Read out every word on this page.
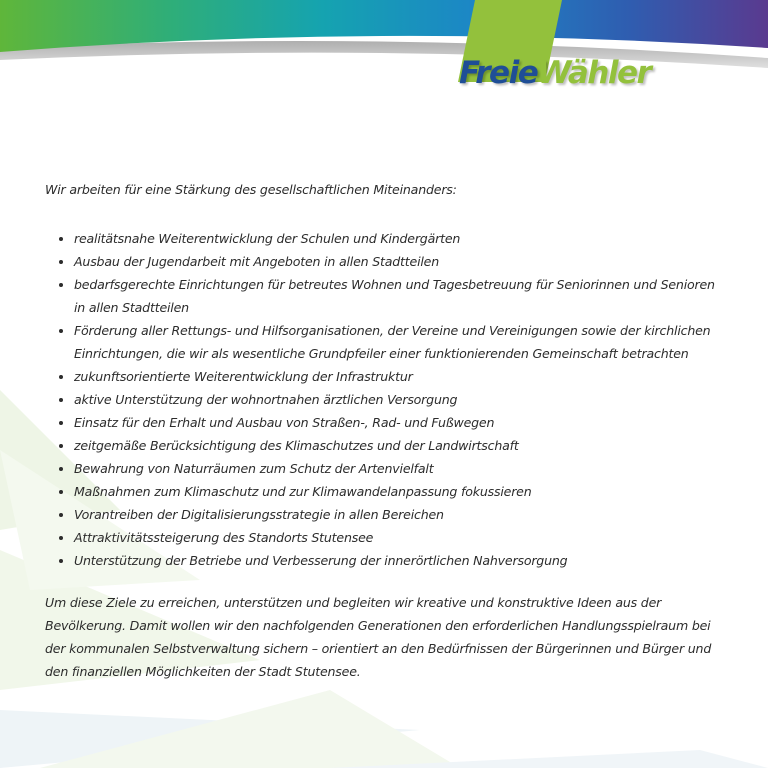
FreieWähler

Wir arbeiten für eine Stärkung des gesellschaftlichen Miteinanders:

realitätsnahe Weiterentwicklung der Schulen und Kindergärten
Ausbau der Jugendarbeit mit Angeboten in allen Stadtteilen
bedarfsgerechte Einrichtungen für betreutes Wohnen und Tagesbetreuung für Seniorinnen und Senioren in allen Stadtteilen
Förderung aller Rettungs- und Hilfsorganisationen, der Vereine und Vereinigungen sowie der kirchlichen Einrichtungen, die wir als wesentliche Grundpfeiler einer funktionierenden Gemeinschaft betrachten
zukunftsorientierte Weiterentwicklung der Infrastruktur
aktive Unterstützung der wohnortnahen ärztlichen Versorgung
Einsatz für den Erhalt und Ausbau von Straßen-, Rad- und Fußwegen
zeitgemäße Berücksichtigung des Klimaschutzes und der Landwirtschaft
Bewahrung von Naturräumen zum Schutz der Artenvielfalt
Maßnahmen zum Klimaschutz und zur Klimawandelanpassung fokussieren
Vorantreiben der Digitalisierungsstrategie in allen Bereichen
Attraktivitätssteigerung des Standorts Stutensee
Unterstützung der Betriebe und Verbesserung der innerörtlichen Nahversorgung

Um diese Ziele zu erreichen, unterstützen und begleiten wir kreative und konstruktive Ideen aus der Bevölkerung. Damit wollen wir den nachfolgenden Generationen den erforderlichen Handlungsspielraum bei der kommunalen Selbstverwaltung sichern – orientiert an den Bedürfnissen der Bürgerinnen und Bürger und den finanziellen Möglichkeiten der Stadt Stutensee.
